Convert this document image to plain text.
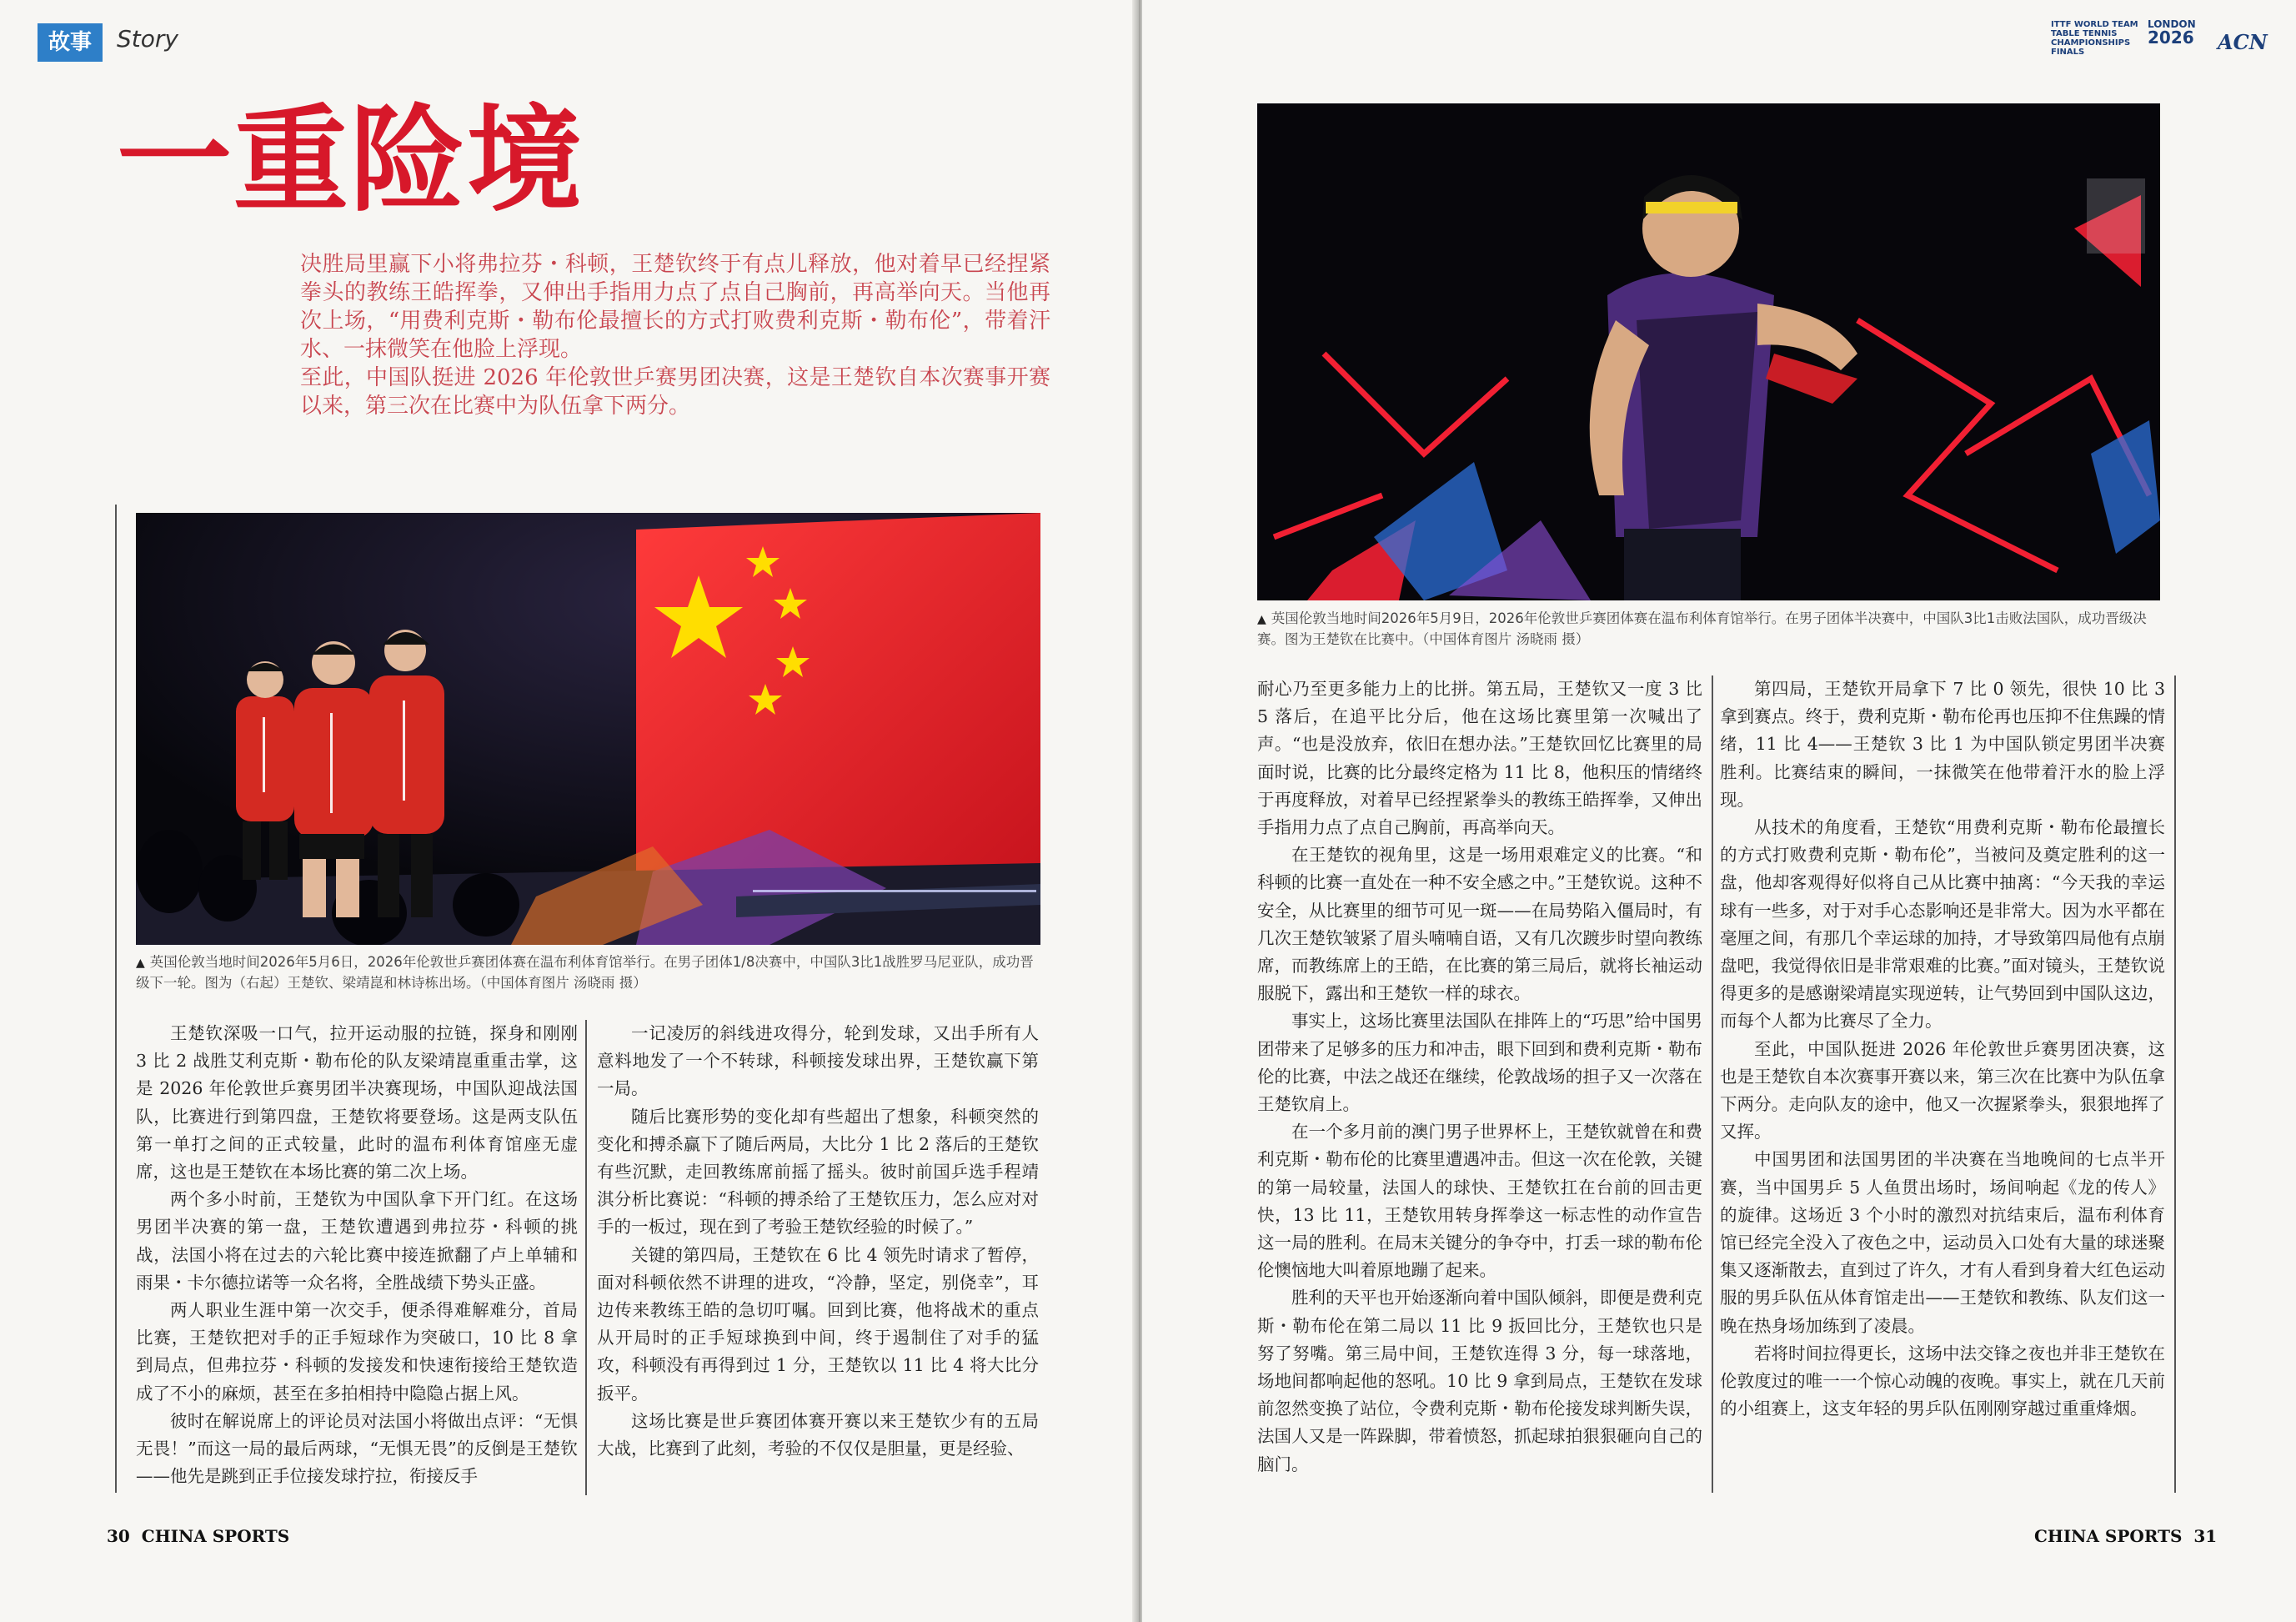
故事	Story
一重险境

决胜局里赢下小将弗拉芬・科顿，王楚钦终于有点儿释放，他对着早已经捏紧拳头的教练王皓挥拳，又伸出手指用力点了点自己胸前，再高举向天。当他再次上场，“用费利克斯・勒布伦最擅长的方式打败费利克斯・勒布伦”，带着汗水、一抹微笑在他脸上浮现。

至此，中国队挺进 2026 年伦敦世乒赛男团决赛，这是王楚钦自本次赛事开赛以来，第三次在比赛中为队伍拿下两分。

▲ 英国伦敦当地时间2026年5月6日，2026年伦敦世乒赛团体赛在温布利体育馆举行。在男子团体1/8决赛中，中国队3比1战胜罗马尼亚队，成功晋级下一轮。图为（右起）王楚钦、梁靖崑和林诗栋出场。（中国体育图片 汤晓雨 摄）

王楚钦深吸一口气，拉开运动服的拉链，探身和刚刚 3 比 2 战胜艾利克斯・勒布伦的队友梁靖崑重重击掌，这是 2026 年伦敦世乒赛男团半决赛现场，中国队迎战法国队，比赛进行到第四盘，王楚钦将要登场。这是两支队伍第一单打之间的正式较量，此时的温布利体育馆座无虚席，这也是王楚钦在本场比赛的第二次上场。

两个多小时前，王楚钦为中国队拿下开门红。在这场男团半决赛的第一盘，王楚钦遭遇到弗拉芬・科顿的挑战，法国小将在过去的六轮比赛中接连掀翻了卢上单辅和雨果・卡尔德拉诺等一众名将，全胜战绩下势头正盛。

两人职业生涯中第一次交手，便杀得难解难分，首局比赛，王楚钦把对手的正手短球作为突破口，10 比 8 拿到局点，但弗拉芬・科顿的发接发和快速衔接给王楚钦造成了不小的麻烦，甚至在多拍相持中隐隐占据上风。

彼时在解说席上的评论员对法国小将做出点评：“无惧无畏！”而这一局的最后两球，“无惧无畏”的反倒是王楚钦——他先是跳到正手位接发球拧拉，衔接反手

一记凌厉的斜线进攻得分，轮到发球，又出手所有人意料地发了一个不转球，科顿接发球出界，王楚钦赢下第一局。

随后比赛形势的变化却有些超出了想象，科顿突然的变化和搏杀赢下了随后两局，大比分 1 比 2 落后的王楚钦有些沉默，走回教练席前摇了摇头。彼时前国乒选手程靖淇分析比赛说：“科顿的搏杀给了王楚钦压力，怎么应对对手的一板过，现在到了考验王楚钦经验的时候了。”

关键的第四局，王楚钦在 6 比 4 领先时请求了暂停，面对科顿依然不讲理的进攻，“冷静，坚定，别侥幸”，耳边传来教练王皓的急切叮嘱。回到比赛，他将战术的重点从开局时的正手短球换到中间，终于遏制住了对手的猛攻，科顿没有再得到过 1 分，王楚钦以 11 比 4 将大比分扳平。

这场比赛是世乒赛团体赛开赛以来王楚钦少有的五局大战，比赛到了此刻，考验的不仅仅是胆量，更是经验、

30 CHINA SPORTS
ITTF WORLD TEAM TABLE TENNIS CHAMPIONSHIPS FINALS
LONDON
2026 ACN
▲ 英国伦敦当地时间2026年5月9日，2026年伦敦世乒赛团体赛在温布利体育馆举行。在男子团体半决赛中，中国队3比1击败法国队，成功晋级决赛。图为王楚钦在比赛中。（中国体育图片 汤晓雨 摄）

耐心乃至更多能力上的比拼。第五局，王楚钦又一度 3 比 5 落后，在追平比分后，他在这场比赛里第一次喊出了声。“也是没放弃，依旧在想办法。”王楚钦回忆比赛里的局面时说，比赛的比分最终定格为 11 比 8，他积压的情绪终于再度释放，对着早已经捏紧拳头的教练王皓挥拳，又伸出手指用力点了点自己胸前，再高举向天。

在王楚钦的视角里，这是一场用艰难定义的比赛。“和科顿的比赛一直处在一种不安全感之中。”王楚钦说。这种不安全，从比赛里的细节可见一斑——在局势陷入僵局时，有几次王楚钦皱紧了眉头喃喃自语，又有几次踱步时望向教练席，而教练席上的王皓，在比赛的第三局后，就将长袖运动服脱下，露出和王楚钦一样的球衣。

事实上，这场比赛里法国队在排阵上的“巧思”给中国男团带来了足够多的压力和冲击，眼下回到和费利克斯・勒布伦的比赛，中法之战还在继续，伦敦战场的担子又一次落在王楚钦肩上。

在一个多月前的澳门男子世界杯上，王楚钦就曾在和费利克斯・勒布伦的比赛里遭遇冲击。但这一次在伦敦，关键的第一局较量，法国人的球快、王楚钦扛在台前的回击更快，13 比 11，王楚钦用转身挥拳这一标志性的动作宣告这一局的胜利。在局末关键分的争夺中，打丢一球的勒布伦伦懊恼地大叫着原地蹦了起来。

胜利的天平也开始逐渐向着中国队倾斜，即便是费利克斯・勒布伦在第二局以 11 比 9 扳回比分，王楚钦也只是努了努嘴。第三局中间，王楚钦连得 3 分，每一球落地，场地间都响起他的怒吼。10 比 9 拿到局点，王楚钦在发球前忽然变换了站位，令费利克斯・勒布伦接发球判断失误，法国人又是一阵跺脚，带着愤怒，抓起球拍狠狠砸向自己的脑门。

第四局，王楚钦开局拿下 7 比 0 领先，很快 10 比 3 拿到赛点。终于，费利克斯・勒布伦再也压抑不住焦躁的情绪，11 比 4——王楚钦 3 比 1 为中国队锁定男团半决赛胜利。比赛结束的瞬间，一抹微笑在他带着汗水的脸上浮现。

从技术的角度看，王楚钦“用费利克斯・勒布伦最擅长的方式打败费利克斯・勒布伦”，当被问及奠定胜利的这一盘，他却客观得好似将自己从比赛中抽离：“今天我的幸运球有一些多，对于对手心态影响还是非常大。因为水平都在毫厘之间，有那几个幸运球的加持，才导致第四局他有点崩盘吧，我觉得依旧是非常艰难的比赛。”面对镜头，王楚钦说得更多的是感谢梁靖崑实现逆转，让气势回到中国队这边，而每个人都为比赛尽了全力。

至此，中国队挺进 2026 年伦敦世乒赛男团决赛，这也是王楚钦自本次赛事开赛以来，第三次在比赛中为队伍拿下两分。走向队友的途中，他又一次握紧拳头，狠狠地挥了又挥。

中国男团和法国男团的半决赛在当地晚间的七点半开赛，当中国男乒 5 人鱼贯出场时，场间响起《龙的传人》的旋律。这场近 3 个小时的激烈对抗结束后，温布利体育馆已经完全没入了夜色之中，运动员入口处有大量的球迷聚集又逐渐散去，直到过了许久，才有人看到身着大红色运动服的男乒队伍从体育馆走出——王楚钦和教练、队友们这一晚在热身场加练到了凌晨。

若将时间拉得更长，这场中法交锋之夜也并非王楚钦在伦敦度过的唯一一个惊心动魄的夜晚。事实上，就在几天前的小组赛上，这支年轻的男乒队伍刚刚穿越过重重烽烟。

CHINA SPORTS 31
